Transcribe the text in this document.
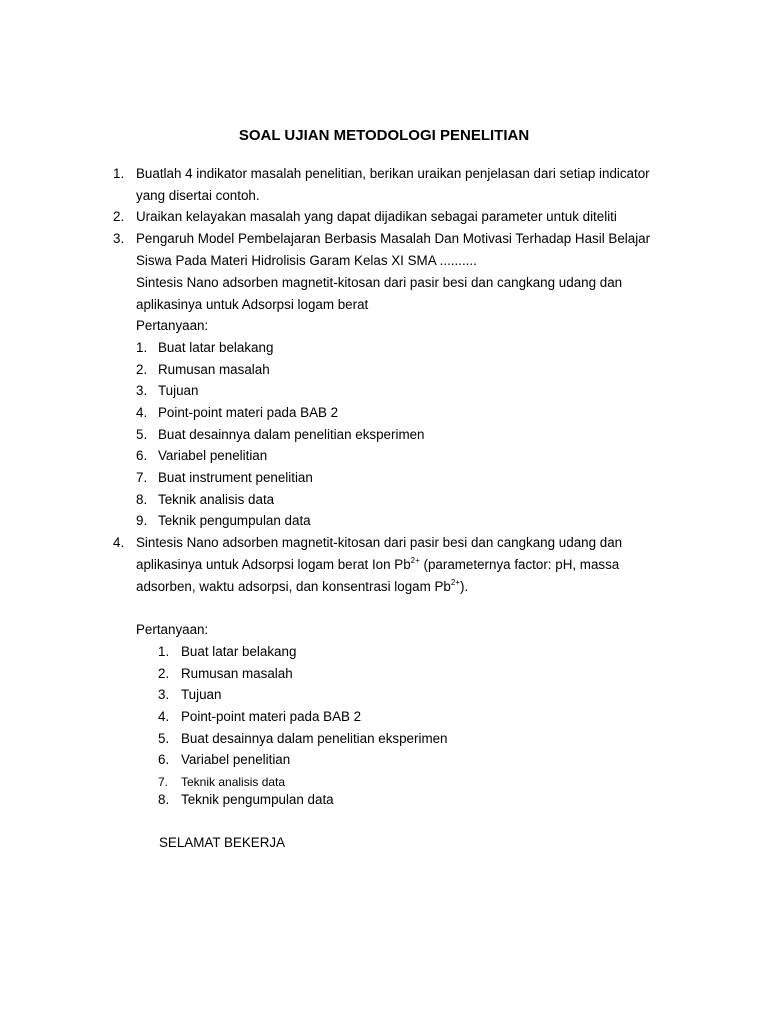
SOAL UJIAN METODOLOGI PENELITIAN
1. Buatlah 4 indikator masalah penelitian, berikan uraikan penjelasan dari setiap indicator
yang disertai contoh.
2. Uraikan kelayakan masalah yang dapat dijadikan sebagai parameter untuk diteliti
3. Pengaruh Model Pembelajaran Berbasis Masalah Dan Motivasi Terhadap Hasil Belajar
Siswa Pada Materi Hidrolisis Garam Kelas XI SMA ..........
Sintesis Nano adsorben magnetit-kitosan dari pasir besi dan cangkang udang dan
aplikasinya untuk Adsorpsi logam berat
Pertanyaan:
1. Buat latar belakang
2. Rumusan masalah
3. Tujuan
4. Point-point materi pada BAB 2
5. Buat desainnya dalam penelitian eksperimen
6. Variabel penelitian
7. Buat instrument penelitian
8. Teknik analisis data
9. Teknik pengumpulan data
4. Sintesis Nano adsorben magnetit-kitosan dari pasir besi dan cangkang udang dan
aplikasinya untuk Adsorpsi logam berat Ion $Pb^{2+}$ (parameternya factor: pH, massa
adsorben, waktu adsorpsi, dan konsentrasi logam $Pb^{2+}$).
Pertanyaan:
1. Buat latar belakang
2. Rumusan masalah
3. Tujuan
4. Point-point materi pada BAB 2
5. Buat desainnya dalam penelitian eksperimen
6. Variabel penelitian
7. Teknik analisis data
8. Teknik pengumpulan data
SELAMAT BEKERJA
